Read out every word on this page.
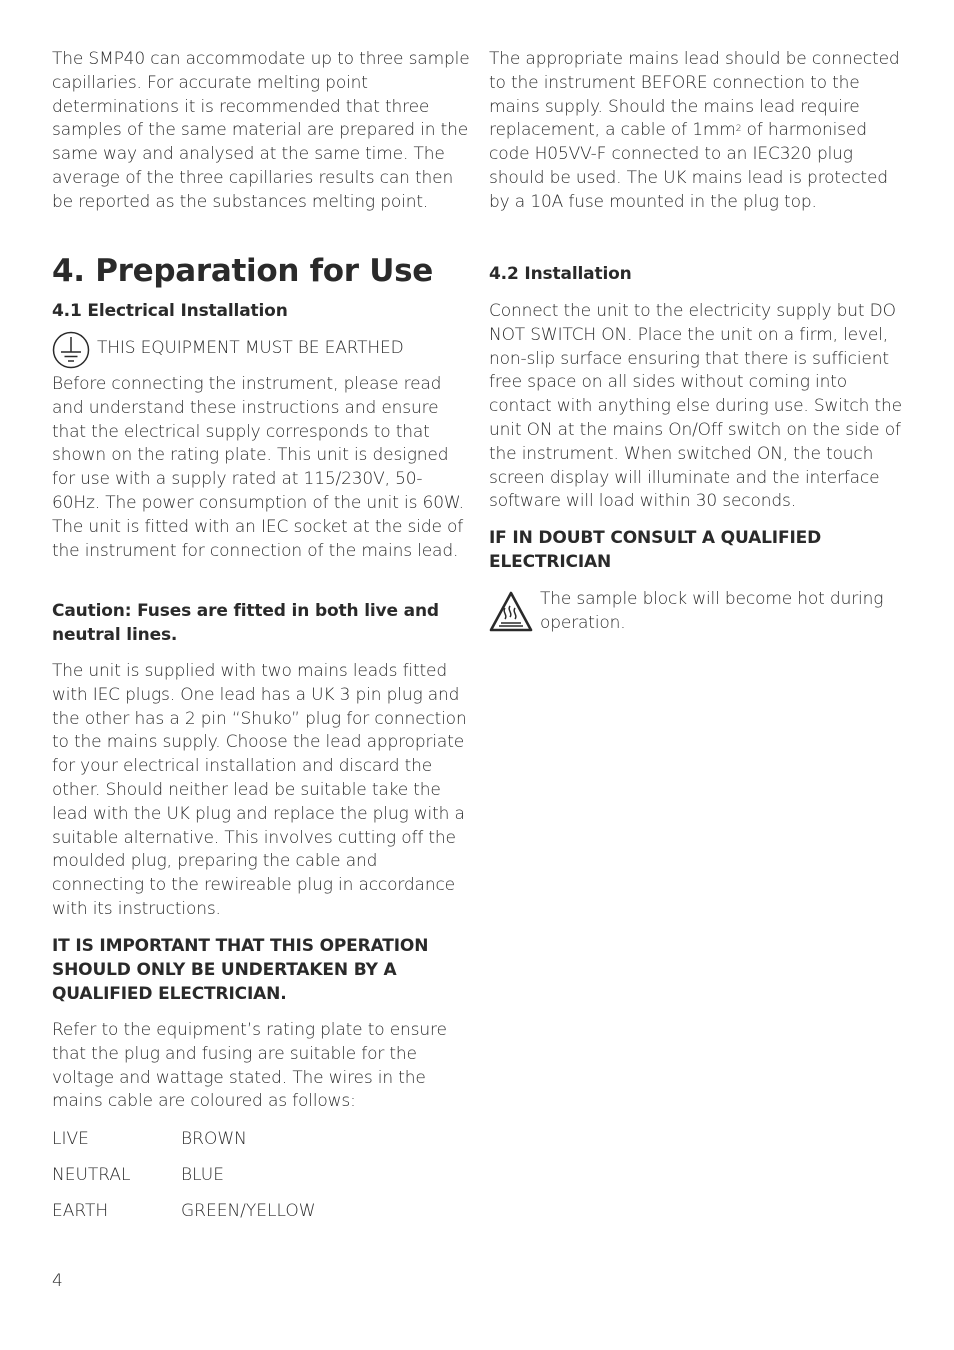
The SMP40 can accommodate up to three sample capillaries. For accurate melting point determinations it is recommended that three samples of the same material are prepared in the same way and analysed at the same time. The average of the three capillaries results can then be reported as the substances melting point.

4. Preparation for Use
4.1 Electrical Installation

THIS EQUIPMENT MUST BE EARTHED

Before connecting the instrument, please read and understand these instructions and ensure that the electrical supply corresponds to that shown on the rating plate. This unit is designed for use with a supply rated at 115/230V, 50-60Hz. The power consumption of the unit is 60W. The unit is fitted with an IEC socket at the side of the instrument for connection of the mains lead.

Caution: Fuses are fitted in both live and neutral lines.

The unit is supplied with two mains leads fitted with IEC plugs. One lead has a UK 3 pin plug and the other has a 2 pin “Shuko” plug for connection to the mains supply. Choose the lead appropriate for your electrical installation and discard the other. Should neither lead be suitable take the lead with the UK plug and replace the plug with a suitable alternative. This involves cutting off the moulded plug, preparing the cable and connecting to the rewireable plug in accordance with its instructions.

IT IS IMPORTANT THAT THIS OPERATION SHOULD ONLY BE UNDERTAKEN BY A QUALIFIED ELECTRICIAN.

Refer to the equipment’s rating plate to ensure that the plug and fusing are suitable for the voltage and wattage stated. The wires in the mains cable are coloured as follows:

LIVE	BROWN
NEUTRAL	BLUE
EARTH	GREEN/YELLOW

The appropriate mains lead should be connected to the instrument BEFORE connection to the mains supply. Should the mains lead require replacement, a cable of $1mm^2$ of harmonised code H05VV-F connected to an IEC320 plug should be used. The UK mains lead is protected by a 10A fuse mounted in the plug top.

4.2 Installation

Connect the unit to the electricity supply but DO NOT SWITCH ON. Place the unit on a firm, level, non-slip surface ensuring that there is sufficient free space on all sides without coming into contact with anything else during use. Switch the unit ON at the mains On/Off switch on the side of the instrument. When switched ON, the touch screen display will illuminate and the interface software will load within 30 seconds.

IF IN DOUBT CONSULT A QUALIFIED ELECTRICIAN

The sample block will become hot during operation.

4
